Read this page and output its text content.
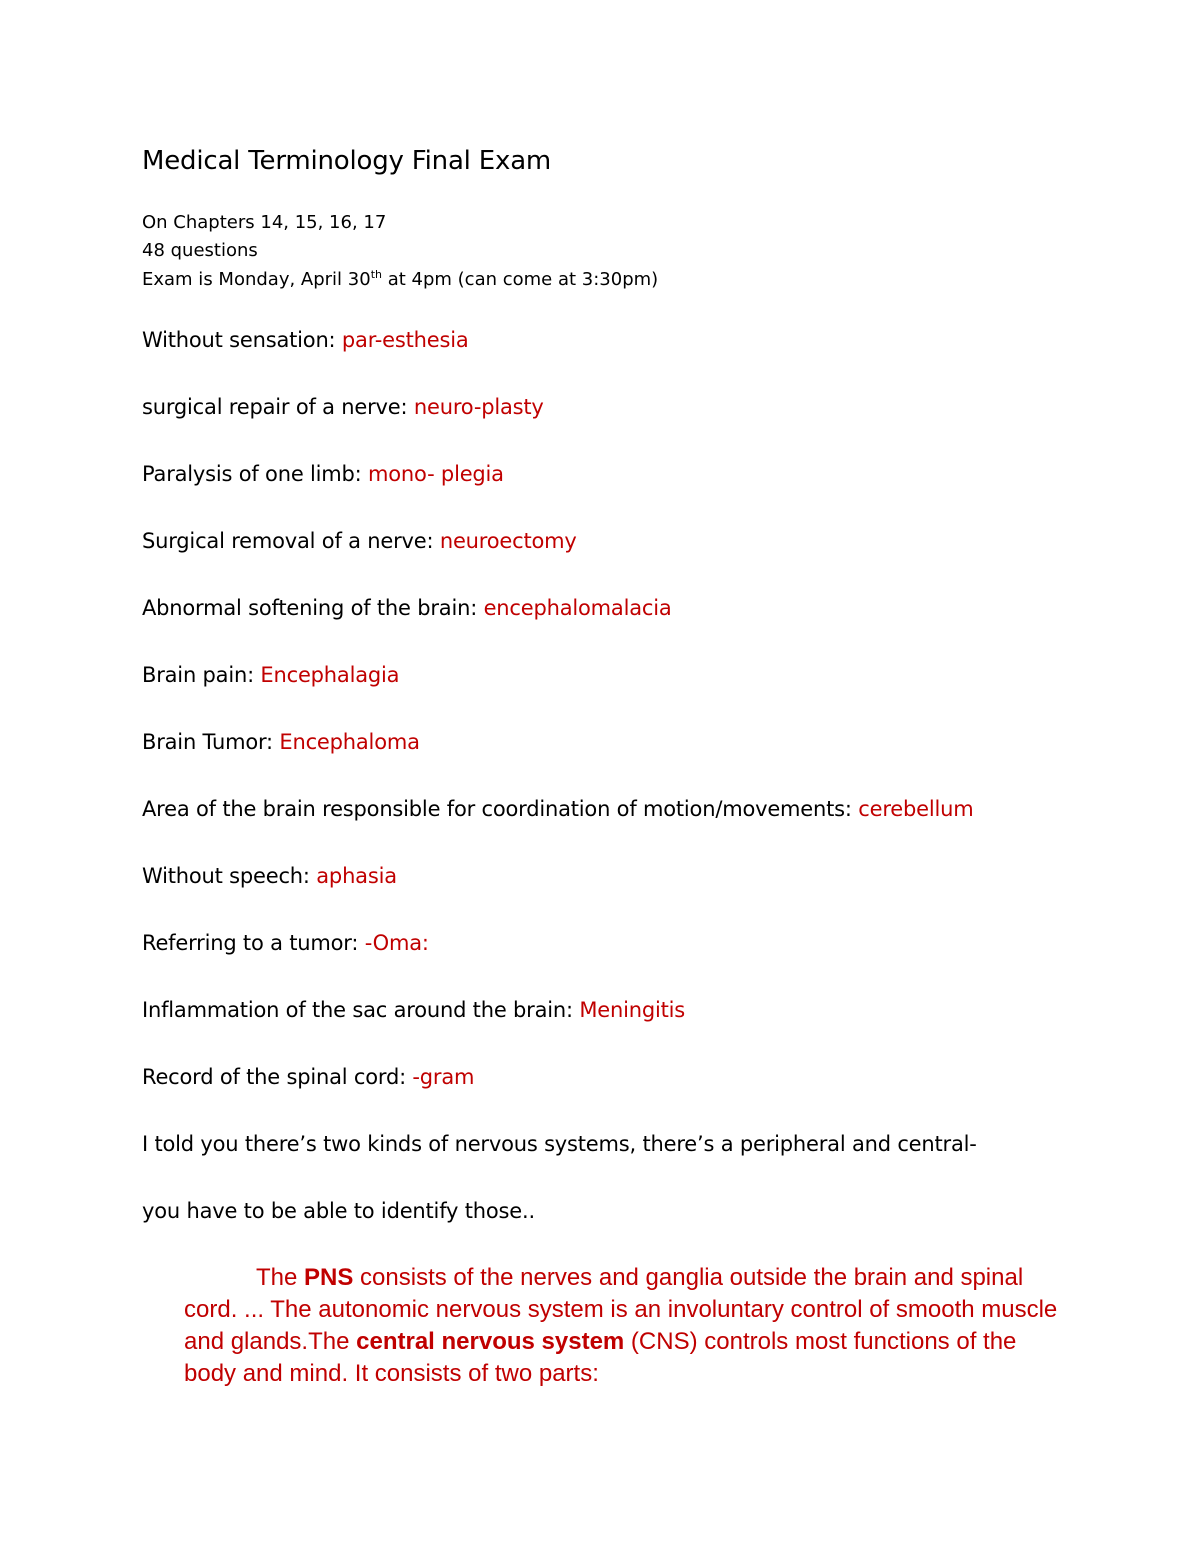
Medical Terminology Final Exam
On Chapters 14, 15, 16, 17
48 questions
Exam is Monday, April 30th at 4pm (can come at 3:30pm)
Without sensation: par-esthesia
surgical repair of a nerve: neuro-plasty
Paralysis of one limb: mono- plegia
Surgical removal of a nerve: neuroectomy
Abnormal softening of the brain: encephalomalacia
Brain pain: Encephalagia
Brain Tumor: Encephaloma
Area of the brain responsible for coordination of motion/movements: cerebellum
Without speech: aphasia
Referring to a tumor: -Oma:
Inflammation of the sac around the brain: Meningitis
Record of the spinal cord: -gram
I told you there’s two kinds of nervous systems, there’s a peripheral and central-
you have to be able to identify those..
The PNS consists of the nerves and ganglia outside the brain and spinal cord. ... The autonomic nervous system is an involuntary control of smooth muscle and glands.The central nervous system (CNS) controls most functions of the body and mind. It consists of two parts:
